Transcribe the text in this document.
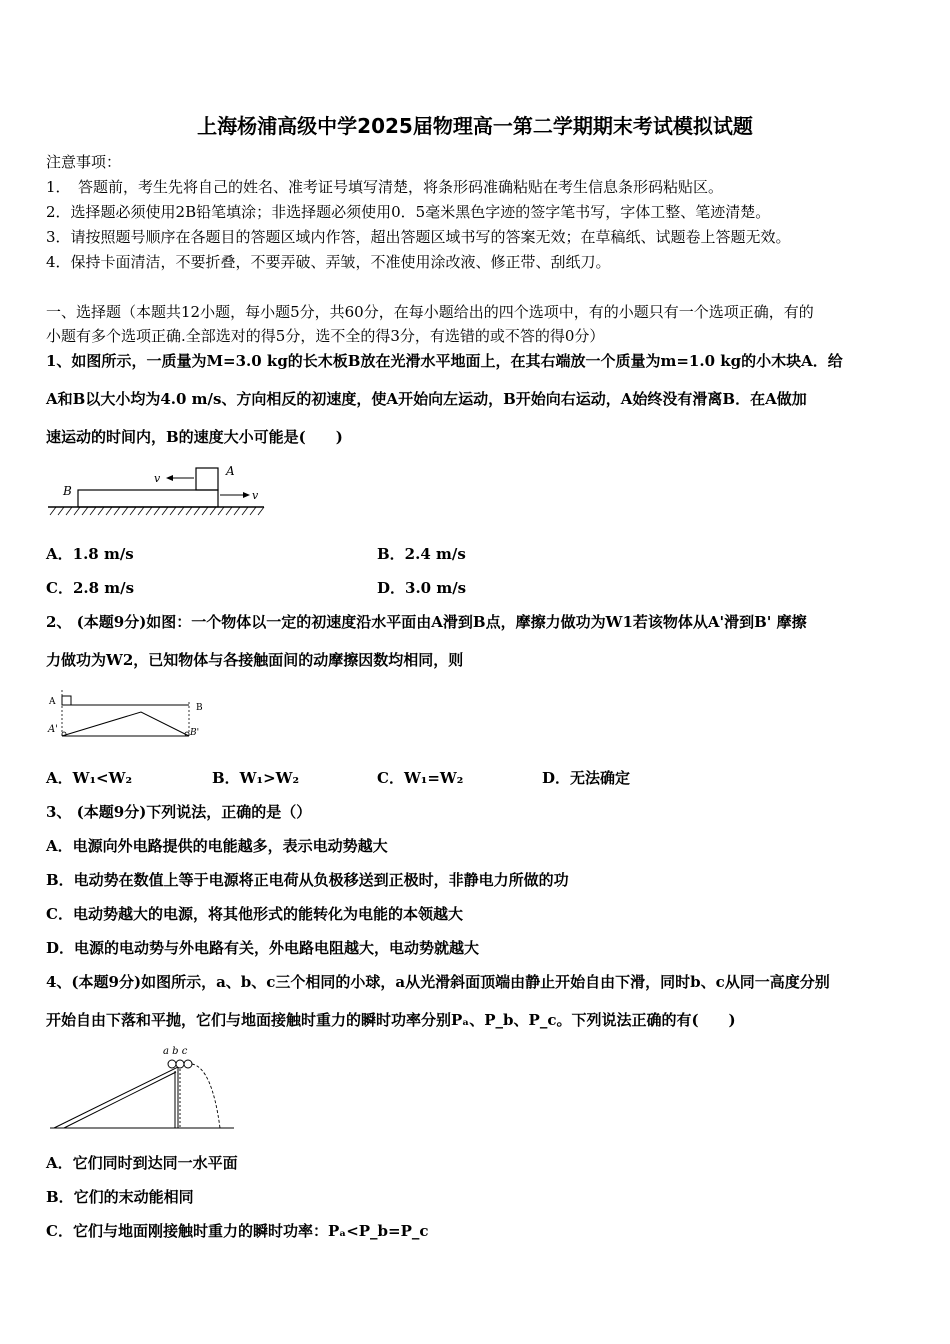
上海杨浦高级中学2025届物理高一第二学期期末考试模拟试题
注意事项：
1．　答题前，考生先将自己的姓名、准考证号填写清楚，将条形码准确粘贴在考生信息条形码粘贴区。
2．选择题必须使用2B铅笔填涂；非选择题必须使用0．5毫米黑色字迹的签字笔书写，字体工整、笔迹清楚。
3．请按照题号顺序在各题目的答题区域内作答，超出答题区域书写的答案无效；在草稿纸、试题卷上答题无效。
4．保持卡面清洁，不要折叠，不要弄破、弄皱，不准使用涂改液、修正带、刮纸刀。
一、选择题（本题共12小题，每小题5分，共60分，在每小题给出的四个选项中，有的小题只有一个选项正确，有的
小题有多个选项正确.全部选对的得5分，选不全的得3分，有选错的或不答的得0分）
1、如图所示，一质量为M=3.0 kg的长木板B放在光滑水平地面上，在其右端放一个质量为m=1.0 kg的小木块A．给
A和B以大小均为4.0 m/s、方向相反的初速度，使A开始向左运动，B开始向右运动，A始终没有滑离B．在A做加
速运动的时间内，B的速度大小可能是(　　)
v
v
A
B
A．1.8 m/s	B．2.4 m/s
C．2.8 m/s	D．3.0 m/s
2、 (本题9分)如图：一个物体以一定的初速度沿水平面由A滑到B点，摩擦力做功为W1若该物体从A'滑到B' 摩擦
力做功为W2，已知物体与各接触面间的动摩擦因数均相同，则
A
B
A'	B'
A．W₁<W₂	B．W₁>W₂	C．W₁=W₂	D．无法确定
3、 (本题9分)下列说法，正确的是（）
A．电源向外电路提供的电能越多，表示电动势越大
B．电动势在数值上等于电源将正电荷从负极移送到正极时，非静电力所做的功
C．电动势越大的电源，将其他形式的能转化为电能的本领越大
D．电源的电动势与外电路有关，外电路电阻越大，电动势就越大
4、(本题9分)如图所示，a、b、c三个相同的小球，a从光滑斜面顶端由静止开始自由下滑，同时b、c从同一高度分别
开始自由下落和平抛，它们与地面接触时重力的瞬时功率分别Pₐ、P_b、P_c。下列说法正确的有(　　)
a b c
A．它们同时到达同一水平面
B．它们的末动能相同
C．它们与地面刚接触时重力的瞬时功率：Pₐ<P_b=P_c
